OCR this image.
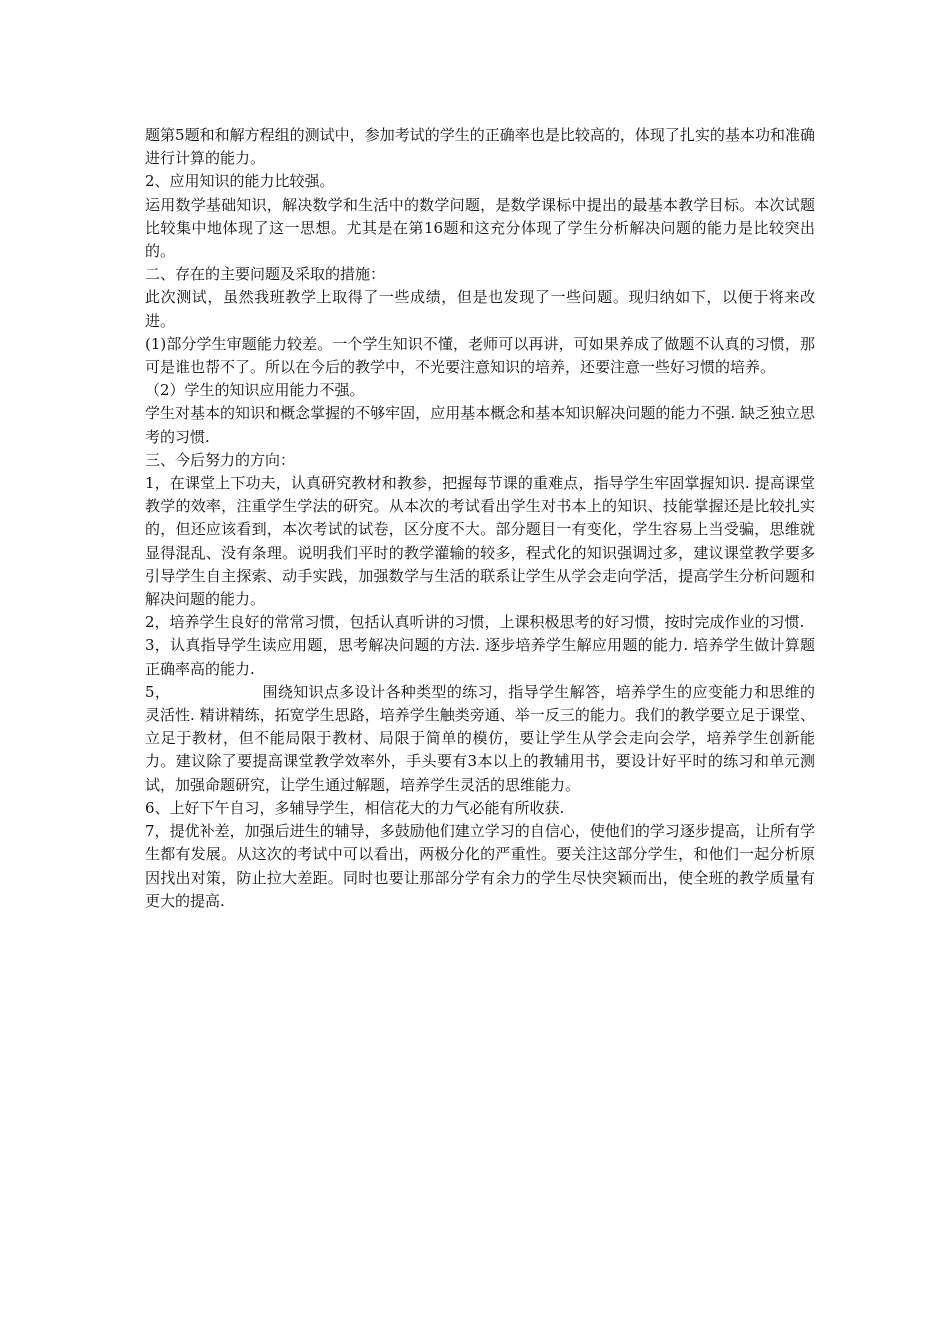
题第5题和和解方程组的测试中，参加考试的学生的正确率也是比较高的，体现了扎实的基本功和准确进行计算的能力。

2、应用知识的能力比较强。

运用数学基础知识，解决数学和生活中的数学问题，是数学课标中提出的最基本教学目标。本次试题比较集中地体现了这一思想。尤其是在第16题和这充分体现了学生分析解决问题的能力是比较突出的。

二、存在的主要问题及采取的措施：

此次测试，虽然我班教学上取得了一些成绩，但是也发现了一些问题。现归纳如下，以便于将来改进。

(1)部分学生审题能力较差。一个学生知识不懂，老师可以再讲，可如果养成了做题不认真的习惯，那可是谁也帮不了。所以在今后的教学中，不光要注意知识的培养，还要注意一些好习惯的培养。

（2）学生的知识应用能力不强。

学生对基本的知识和概念掌握的不够牢固，应用基本概念和基本知识解决问题的能力不强. 缺乏独立思考的习惯.

三、今后努力的方向：

1，在课堂上下功夫，认真研究教材和教参，把握每节课的重难点，指导学生牢固掌握知识. 提高课堂教学的效率，注重学生学法的研究。从本次的考试看出学生对书本上的知识、技能掌握还是比较扎实的，但还应该看到，本次考试的试卷，区分度不大。部分题目一有变化，学生容易上当受骗，思维就显得混乱、没有条理。说明我们平时的教学灌输的较多，程式化的知识强调过多，建议课堂教学要多引导学生自主探索、动手实践，加强数学与生活的联系让学生从学会走向学活，提高学生分析问题和解决问题的能力。

2，培养学生良好的常常习惯，包括认真听讲的习惯，上课积极思考的好习惯，按时完成作业的习惯.

3，认真指导学生读应用题，思考解决问题的方法. 逐步培养学生解应用题的能力. 培养学生做计算题正确率高的能力.

5，	围绕知识点多设计各种类型的练习，指导学生解答，培养学生的应变能力和思维的灵活性. 精讲精练，拓宽学生思路，培养学生触类旁通、举一反三的能力。我们的教学要立足于课堂、立足于教材，但不能局限于教材、局限于简单的模仿，要让学生从学会走向会学，培养学生创新能力。建议除了要提高课堂教学效率外，手头要有3本以上的教辅用书，要设计好平时的练习和单元测试，加强命题研究，让学生通过解题，培养学生灵活的思维能力。

6、上好下午自习，多辅导学生，相信花大的力气必能有所收获.

7，提优补差，加强后进生的辅导，多鼓励他们建立学习的自信心，使他们的学习逐步提高，让所有学生都有发展。从这次的考试中可以看出，两极分化的严重性。要关注这部分学生，和他们一起分析原因找出对策，防止拉大差距。同时也要让那部分学有余力的学生尽快突颖而出，使全班的教学质量有更大的提高.
